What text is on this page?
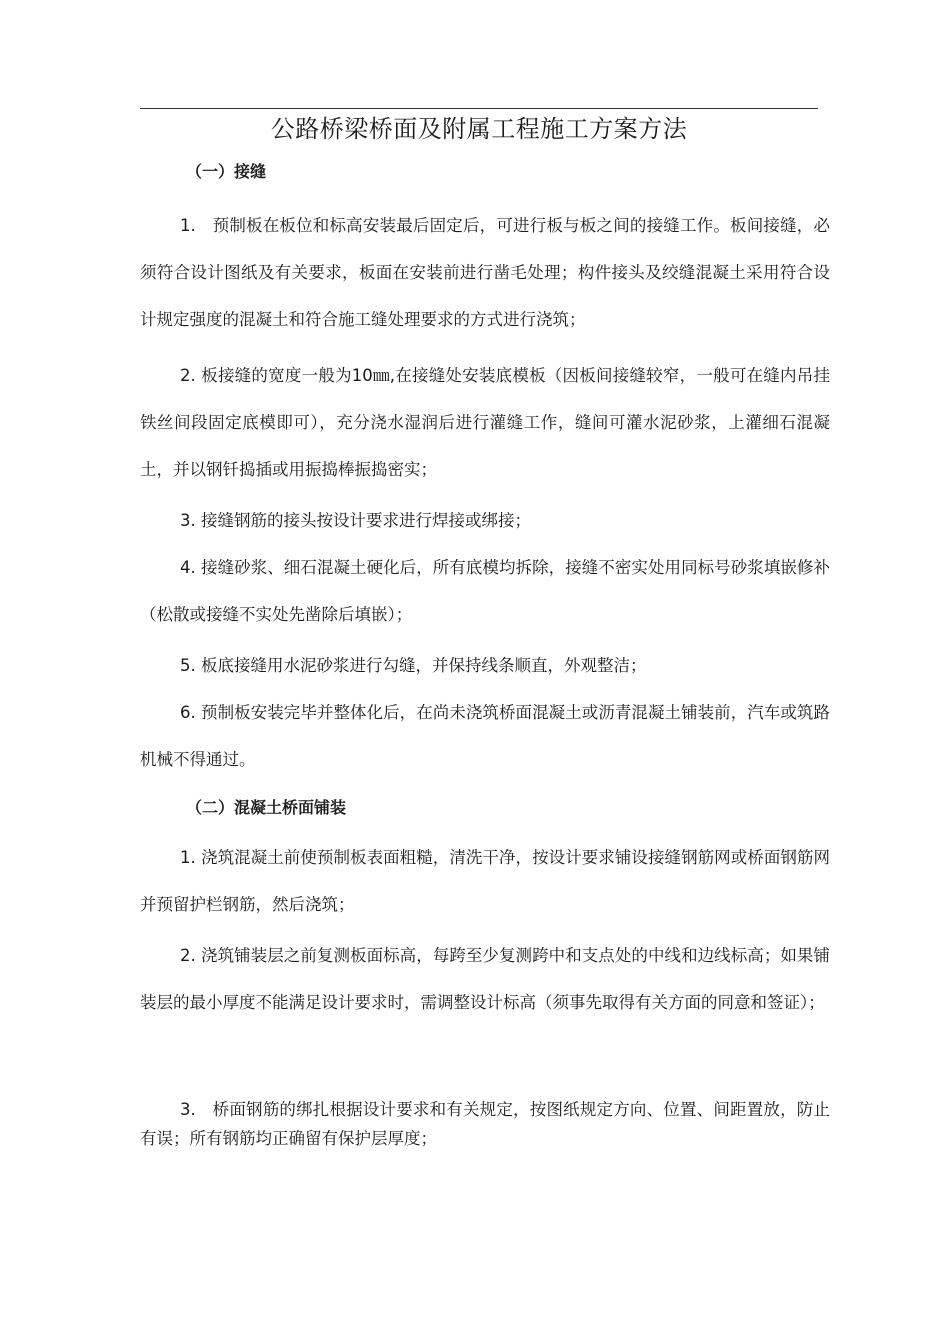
公路桥梁桥面及附属工程施工方案方法
（一）接缝

1.　预制板在板位和标高安装最后固定后，可进行板与板之间的接缝工作。板间接缝，必须符合设计图纸及有关要求，板面在安装前进行凿毛处理；构件接头及绞缝混凝土采用符合设计规定强度的混凝土和符合施工缝处理要求的方式进行浇筑；

2. 板接缝的宽度一般为10㎜,在接缝处安装底模板（因板间接缝较窄，一般可在缝内吊挂铁丝间段固定底模即可），充分浇水湿润后进行灌缝工作，缝间可灌水泥砂浆，上灌细石混凝土，并以钢钎捣插或用振捣棒振捣密实；

3. 接缝钢筋的接头按设计要求进行焊接或绑接；

4. 接缝砂浆、细石混凝土硬化后，所有底模均拆除，接缝不密实处用同标号砂浆填嵌修补（松散或接缝不实处先凿除后填嵌）；

5. 板底接缝用水泥砂浆进行勾缝，并保持线条顺直，外观整洁；

6. 预制板安装完毕并整体化后，在尚未浇筑桥面混凝土或沥青混凝土铺装前，汽车或筑路机械不得通过。

（二）混凝土桥面铺装

1. 浇筑混凝土前使预制板表面粗糙，清洗干净，按设计要求铺设接缝钢筋网或桥面钢筋网并预留护栏钢筋，然后浇筑；

2. 浇筑铺装层之前复测板面标高，每跨至少复测跨中和支点处的中线和边线标高；如果铺装层的最小厚度不能满足设计要求时，需调整设计标高（须事先取得有关方面的同意和签证）；

3.　桥面钢筋的绑扎根据设计要求和有关规定，按图纸规定方向、位置、间距置放，防止有误；所有钢筋均正确留有保护层厚度；
